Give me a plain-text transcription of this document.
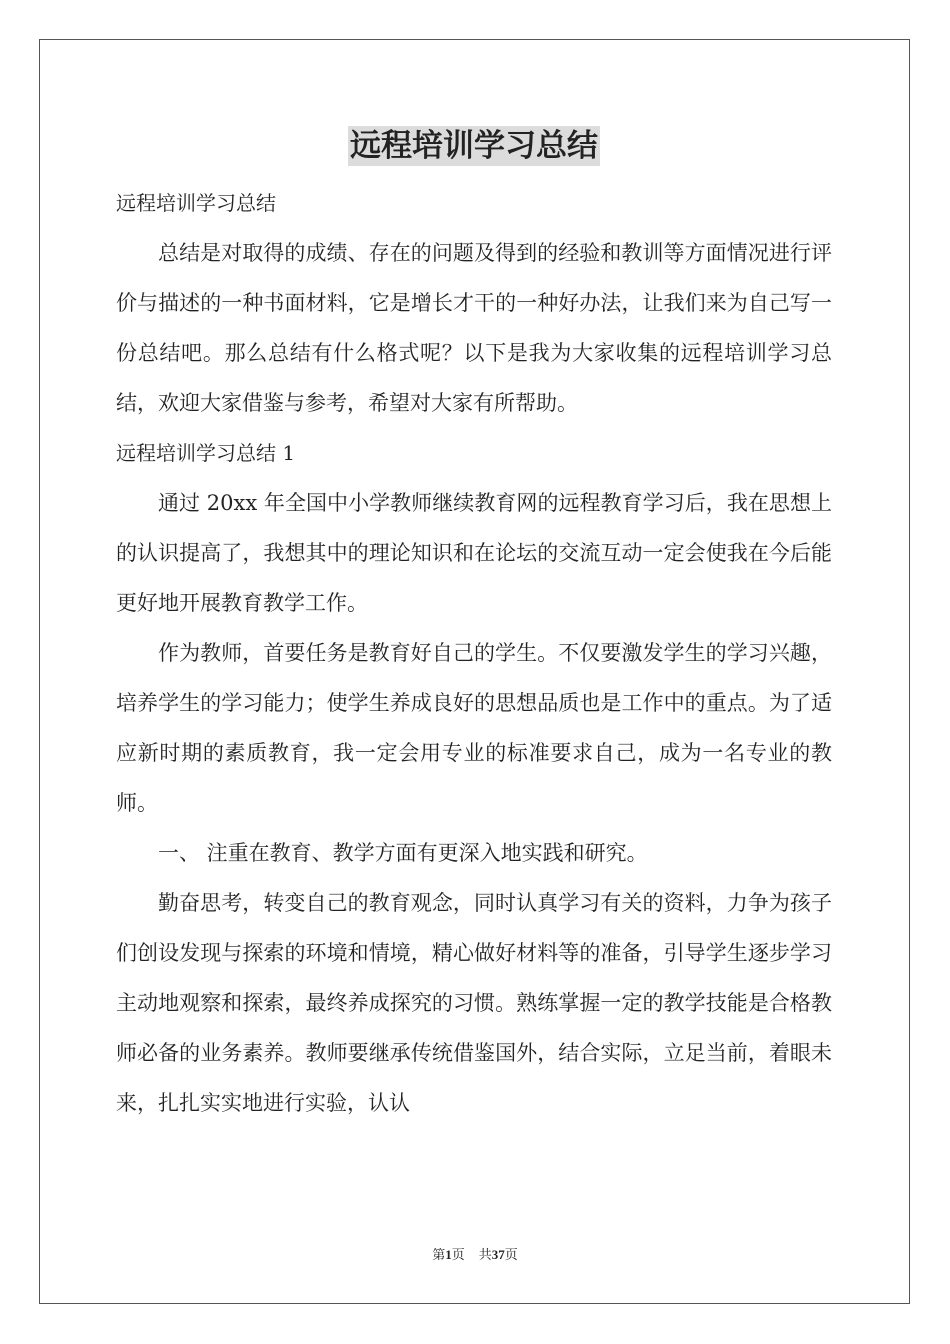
远程培训学习总结

远程培训学习总结

总结是对取得的成绩、存在的问题及得到的经验和教训等方面情况进行评价与描述的一种书面材料，它是增长才干的一种好办法，让我们来为自己写一份总结吧。那么总结有什么格式呢？以下是我为大家收集的远程培训学习总结，欢迎大家借鉴与参考，希望对大家有所帮助。

远程培训学习总结 1

通过 20xx 年全国中小学教师继续教育网的远程教育学习后，我在思想上的认识提高了，我想其中的理论知识和在论坛的交流互动一定会使我在今后能更好地开展教育教学工作。

作为教师，首要任务是教育好自己的学生。不仅要激发学生的学习兴趣，培养学生的学习能力；使学生养成良好的思想品质也是工作中的重点。为了适应新时期的素质教育，我一定会用专业的标准要求自己，成为一名专业的教师。

一、 注重在教育、教学方面有更深入地实践和研究。

勤奋思考，转变自己的教育观念，同时认真学习有关的资料，力争为孩子们创设发现与探索的环境和情境，精心做好材料等的准备，引导学生逐步学习主动地观察和探索，最终养成探究的习惯。熟练掌握一定的教学技能是合格教师必备的业务素养。教师要继承传统借鉴国外，结合实际，立足当前，着眼未来，扎扎实实地进行实验，认认

第1页 共37页
